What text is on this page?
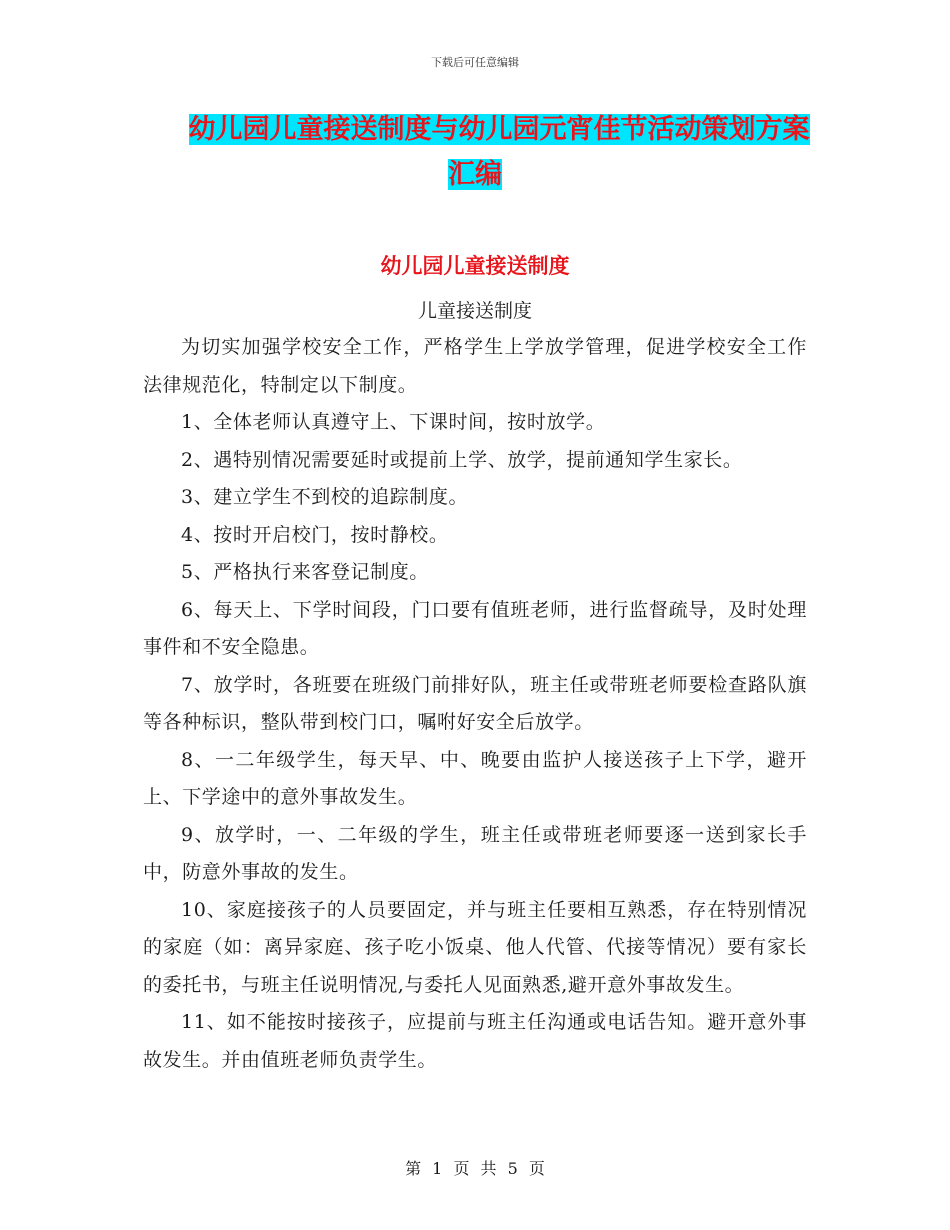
下载后可任意编辑
幼儿园儿童接送制度与幼儿园元宵佳节活动策划方案
汇编
幼儿园儿童接送制度
儿童接送制度

为切实加强学校安全工作，严格学生上学放学管理，促进学校安全工作法律规范化，特制定以下制度。

1、全体老师认真遵守上、下课时间，按时放学。

2、遇特别情况需要延时或提前上学、放学，提前通知学生家长。

3、建立学生不到校的追踪制度。

4、按时开启校门，按时静校。

5、严格执行来客登记制度。

6、每天上、下学时间段，门口要有值班老师，进行监督疏导，及时处理事件和不安全隐患。

7、放学时，各班要在班级门前排好队，班主任或带班老师要检查路队旗等各种标识，整队带到校门口，嘱咐好安全后放学。

8、一二年级学生，每天早、中、晚要由监护人接送孩子上下学，避开上、下学途中的意外事故发生。

9、放学时，一、二年级的学生，班主任或带班老师要逐一送到家长手中，防意外事故的发生。

10、家庭接孩子的人员要固定，并与班主任要相互熟悉，存在特别情况的家庭（如：离异家庭、孩子吃小饭桌、他人代管、代接等情况）要有家长的委托书，与班主任说明情况,与委托人见面熟悉,避开意外事故发生。

11、如不能按时接孩子，应提前与班主任沟通或电话告知。避开意外事故发生。并由值班老师负责学生。

第 1 页 共 5 页
